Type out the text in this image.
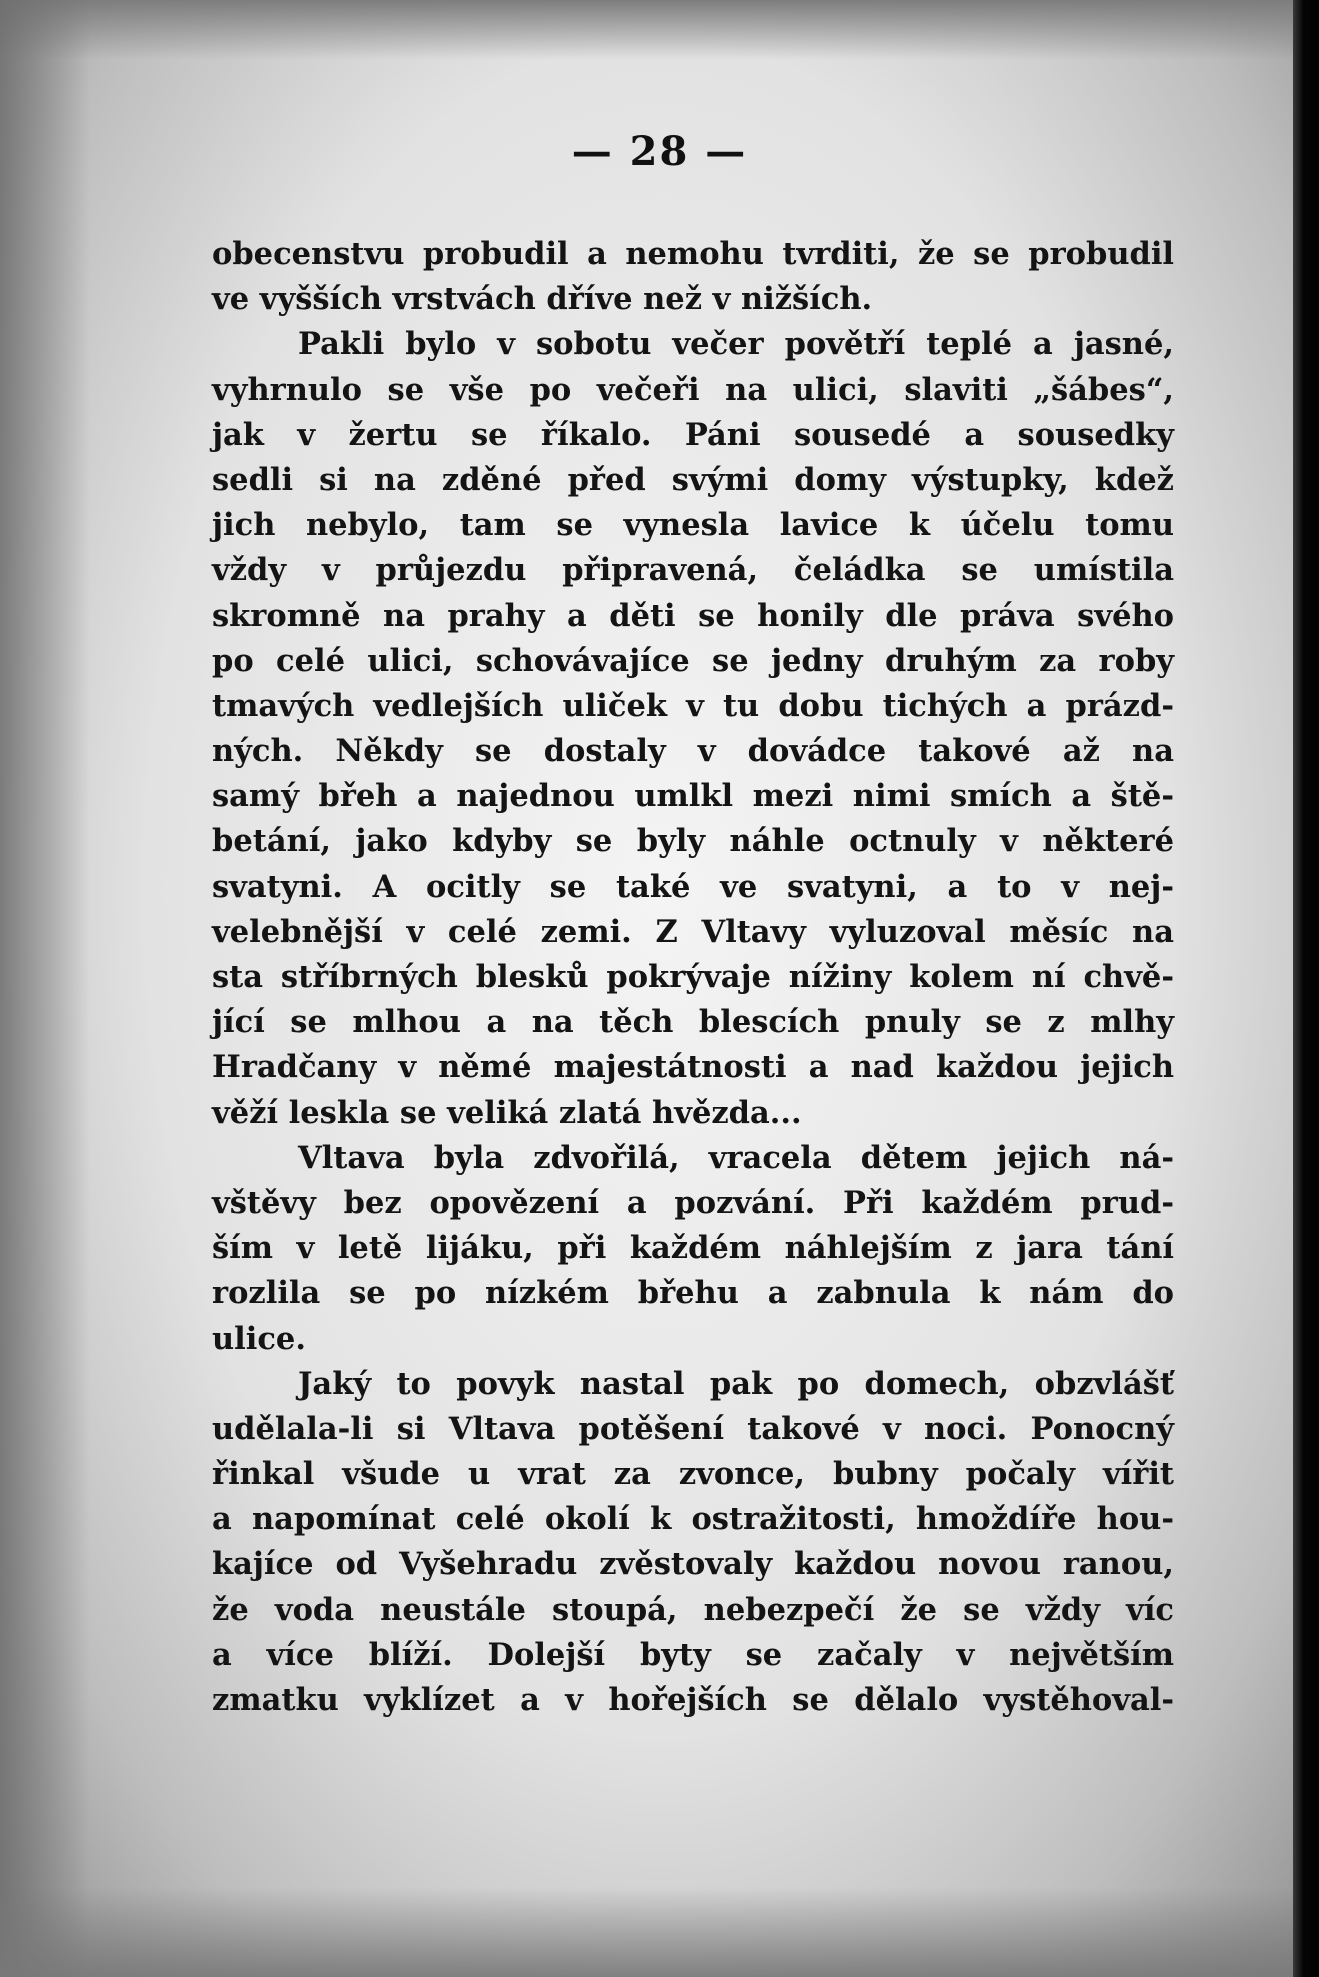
— 28 —
obecenstvu probudil a nemohu tvrditi, že se probudil
ve vyšších vrstvách dříve než v nižších.
Pakli bylo v sobotu večer povětří teplé a jasné,
vyhrnulo se vše po večeři na ulici, slaviti „šábes“,
jak v žertu se říkalo. Páni sousedé a sousedky
sedli si na zděné před svými domy výstupky, kdež
jich nebylo, tam se vynesla lavice k účelu tomu
vždy v průjezdu připravená, čeládka se umístila
skromně na prahy a děti se honily dle práva svého
po celé ulici, schovávajíce se jedny druhým za roby
tmavých vedlejších uliček v tu dobu tichých a prázd-
ných. Někdy se dostaly v dovádce takové až na
samý břeh a najednou umlkl mezi nimi smích a ště-
betání, jako kdyby se byly náhle octnuly v některé
svatyni. A ocitly se také ve svatyni, a to v nej-
velebnější v celé zemi. Z Vltavy vyluzoval měsíc na
sta stříbrných blesků pokrývaje nížiny kolem ní chvě-
jící se mlhou a na těch blescích pnuly se z mlhy
Hradčany v němé majestátnosti a nad každou jejich
věží leskla se veliká zlatá hvězda...
Vltava byla zdvořilá, vracela dětem jejich ná-
vštěvy bez opovězení a pozvání. Při každém prud-
ším v letě lijáku, při každém náhlejším z jara tání
rozlila se po nízkém břehu a zabnula k nám do
ulice.
Jaký to povyk nastal pak po domech, obzvlášť
udělala-li si Vltava potěšení takové v noci. Ponocný
řinkal všude u vrat za zvonce, bubny počaly vířit
a napomínat celé okolí k ostražitosti, hmoždíře hou-
kajíce od Vyšehradu zvěstovaly každou novou ranou,
že voda neustále stoupá, nebezpečí že se vždy víc
a více blíží. Dolejší byty se začaly v největším
zmatku vyklízet a v hořejších se dělalo vystěhoval-
